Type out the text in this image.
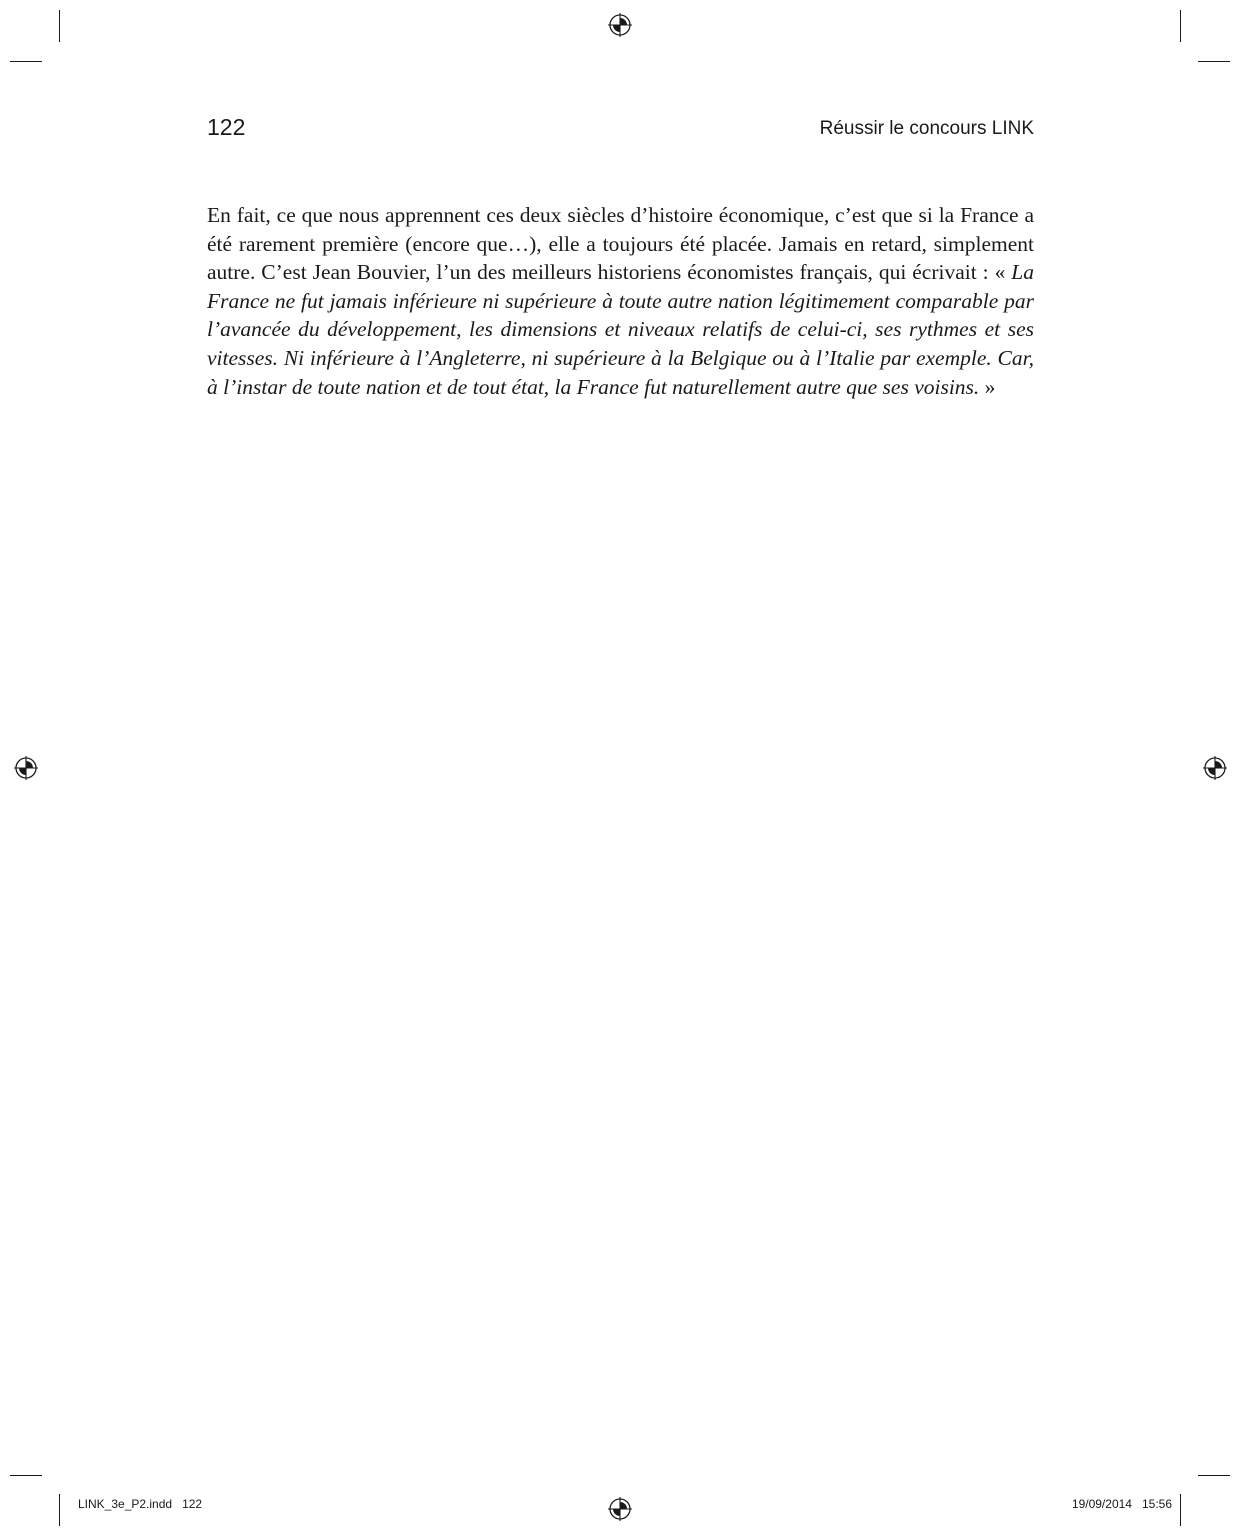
122	Réussir le concours LINK

En fait, ce que nous apprennent ces deux siècles d’histoire économique, c’est que si la France a été rarement première (encore que…), elle a toujours été placée. Jamais en retard, simplement autre. C’est Jean Bouvier, l’un des meilleurs historiens économistes français, qui écrivait : « La France ne fut jamais inférieure ni supérieure à toute autre nation légitimement comparable par l’avancée du développement, les dimensions et niveaux relatifs de celui-ci, ses rythmes et ses vitesses. Ni inférieure à l’Angleterre, ni supérieure à la Belgique ou à l’Italie par exemple. Car, à l’instar de toute nation et de tout état, la France fut naturellement autre que ses voisins. »

LINK_3e_P2.indd   122	19/09/2014   15:56
